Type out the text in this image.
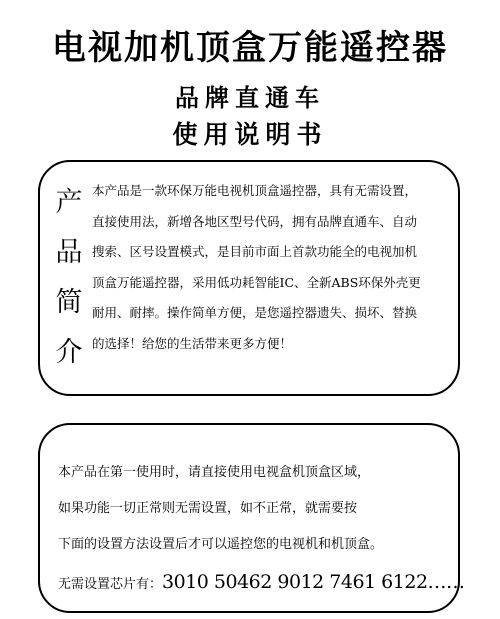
电视加机顶盒万能遥控器
品牌直通车
使用说明书
产
品
简
介
本产品是一款环保万能电视机顶盒遥控器，具有无需设置，
直接使用法，新增各地区型号代码，拥有品牌直通车、自动
搜索、区号设置模式，是目前市面上首款功能全的电视加机
顶盒万能遥控器，采用低功耗智能IC、全新ABS环保外壳更
耐用、耐摔。操作简单方便，是您遥控器遗失、损坏、替换
的选择！给您的生活带来更多方便！
本产品在第一使用时，请直接使用电视盒机顶盒区域，
如果功能一切正常则无需设置，如不正常，就需要按
下面的设置方法设置后才可以遥控您的电视机和机顶盒。
无需设置芯片有：3010 50462 9012 7461 6122……
